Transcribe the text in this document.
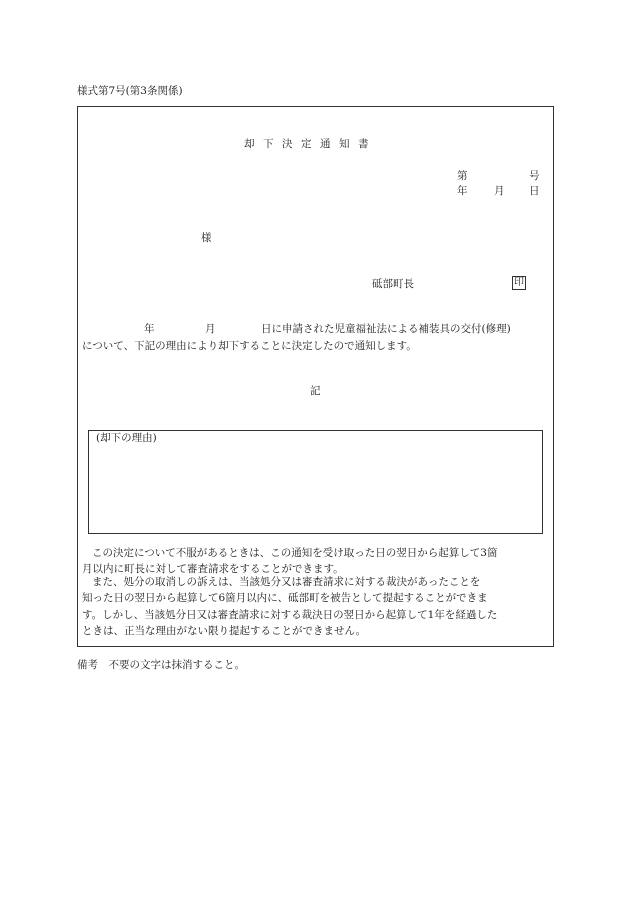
様式第7号(第3条関係)
却下決定通知書
第	号
年	月 日
様
砥部町長	印
年	月	日に申請された児童福祉法による補装具の交付(修理)
について、下記の理由により却下することに決定したので通知します。
記
(却下の理由)
この決定について不服があるときは、この通知を受け取った日の翌日から起算して3箇
月以内に町長に対して審査請求をすることができます。
また、処分の取消しの訴えは、当該処分又は審査請求に対する裁決があったことを
知った日の翌日から起算して6箇月以内に、砥部町を被告として提起することができま
す。しかし、当該処分日又は審査請求に対する裁決日の翌日から起算して1年を経過した
ときは、正当な理由がない限り提起することができません。
備考　不要の文字は抹消すること。
